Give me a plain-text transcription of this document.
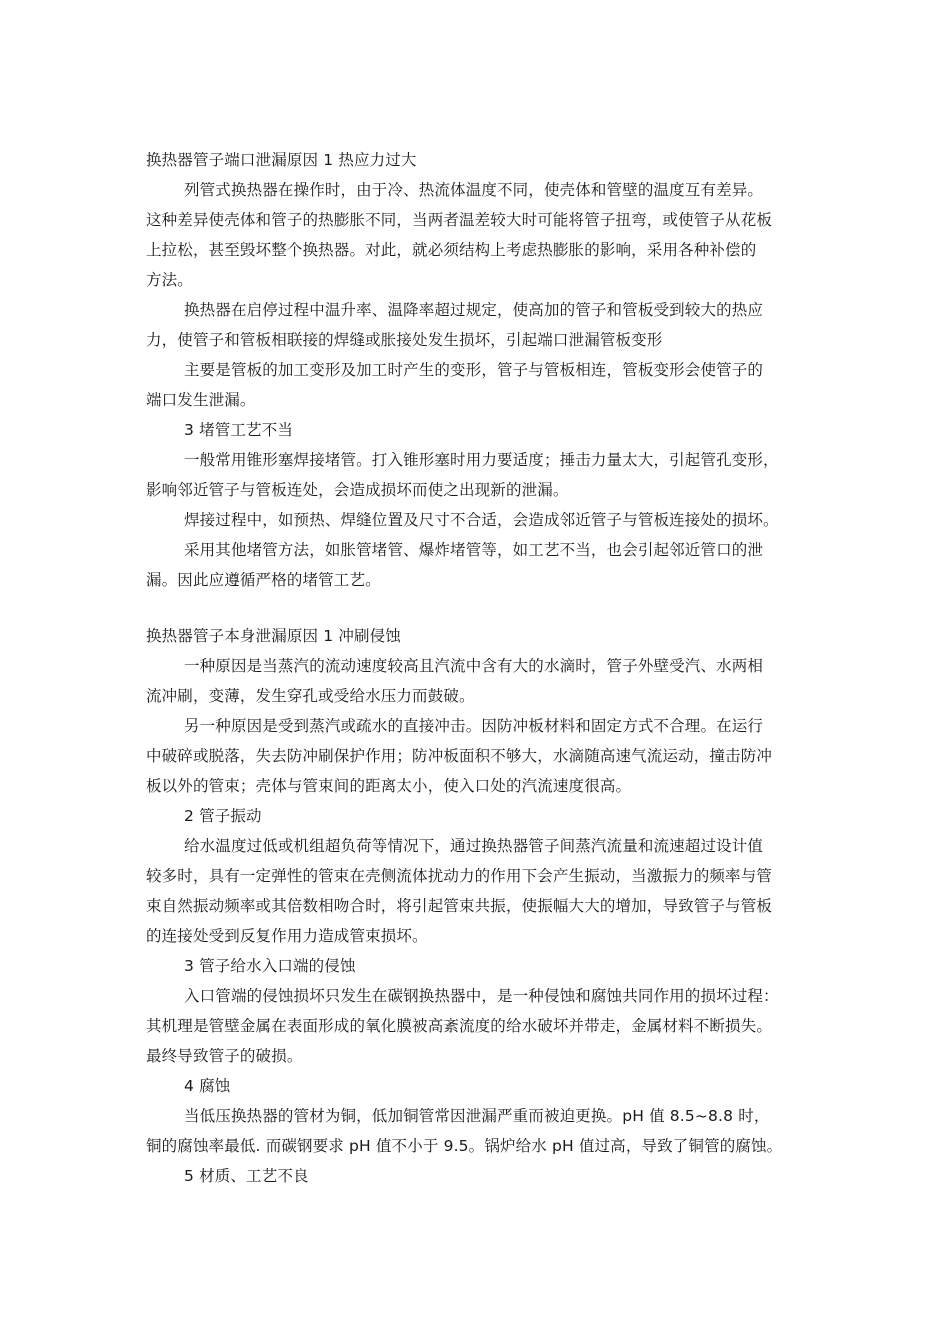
换热器管子端口泄漏原因 1 热应力过大
列管式换热器在操作时，由于冷、热流体温度不同，使壳体和管壁的温度互有差异。
这种差异使壳体和管子的热膨胀不同，当两者温差较大时可能将管子扭弯，或使管子从花板
上拉松，甚至毁坏整个换热器。对此，就必须结构上考虑热膨胀的影响，采用各种补偿的
方法。
换热器在启停过程中温升率、温降率超过规定，使高加的管子和管板受到较大的热应
力，使管子和管板相联接的焊缝或胀接处发生损坏，引起端口泄漏管板变形
主要是管板的加工变形及加工时产生的变形，管子与管板相连，管板变形会使管子的
端口发生泄漏。
3 堵管工艺不当
一般常用锥形塞焊接堵管。打入锥形塞时用力要适度；捶击力量太大，引起管孔变形，
影响邻近管子与管板连处，会造成损坏而使之出现新的泄漏。
焊接过程中，如预热、焊缝位置及尺寸不合适，会造成邻近管子与管板连接处的损坏。
采用其他堵管方法，如胀管堵管、爆炸堵管等，如工艺不当，也会引起邻近管口的泄
漏。因此应遵循严格的堵管工艺。
换热器管子本身泄漏原因 1 冲刷侵蚀
一种原因是当蒸汽的流动速度较高且汽流中含有大的水滴时，管子外壁受汽、水两相
流冲刷，变薄，发生穿孔或受给水压力而鼓破。
另一种原因是受到蒸汽或疏水的直接冲击。因防冲板材料和固定方式不合理。在运行
中破碎或脱落，失去防冲刷保护作用；防冲板面积不够大，水滴随高速气流运动，撞击防冲
板以外的管束；壳体与管束间的距离太小，使入口处的汽流速度很高。
2 管子振动
给水温度过低或机组超负荷等情况下，通过换热器管子间蒸汽流量和流速超过设计值
较多时，具有一定弹性的管束在壳侧流体扰动力的作用下会产生振动，当激振力的频率与管
束自然振动频率或其倍数相吻合时，将引起管束共振，使振幅大大的增加，导致管子与管板
的连接处受到反复作用力造成管束损坏。
3 管子给水入口端的侵蚀
入口管端的侵蚀损坏只发生在碳钢换热器中，是一种侵蚀和腐蚀共同作用的损坏过程：
其机理是管壁金属在表面形成的氧化膜被高紊流度的给水破坏并带走，金属材料不断损失。
最终导致管子的破损。
4 腐蚀
当低压换热器的管材为铜，低加铜管常因泄漏严重而被迫更换。pH 值 8.5~8.8 时，
铜的腐蚀率最低. 而碳钢要求 pH 值不小于 9.5。锅炉给水 pH 值过高，导致了铜管的腐蚀。
5 材质、工艺不良
